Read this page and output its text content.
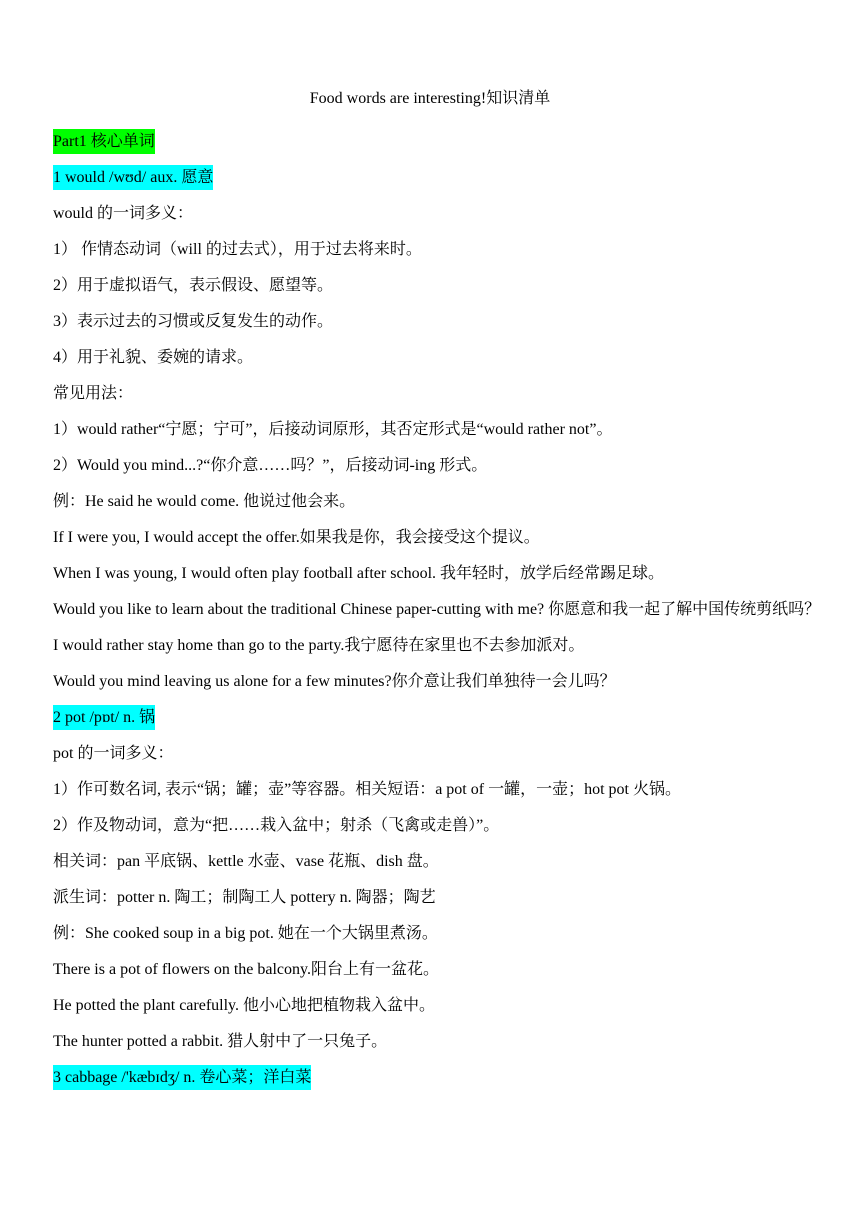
Food words are interesting!知识清单

Part1 核心单词

1 would /wʊd/ aux. 愿意

would 的一词多义：

1） 作情态动词（will 的过去式），用于过去将来时。

2）用于虚拟语气，表示假设、愿望等。

3）表示过去的习惯或反复发生的动作。

4）用于礼貌、委婉的请求。

常见用法：

1）would rather“宁愿；宁可”，后接动词原形，其否定形式是“would rather not”。

2）Would you mind...?“你介意……吗？”，后接动词-ing 形式。

例：He said he would come. 他说过他会来。

If I were you, I would accept the offer.如果我是你，我会接受这个提议。

When I was young, I would often play football after school. 我年轻时，放学后经常踢足球。

Would you like to learn about the traditional Chinese paper-cutting with me? 你愿意和我一起了解中国传统剪纸吗？

I would rather stay home than go to the party.我宁愿待在家里也不去参加派对。

Would you mind leaving us alone for a few minutes?你介意让我们单独待一会儿吗？

2 pot /pɒt/ n. 锅

pot 的一词多义：

1）作可数名词, 表示“锅；罐；壶”等容器。相关短语：a pot of 一罐，一壶；hot pot 火锅。

2）作及物动词，意为“把……栽入盆中；射杀（飞禽或走兽）”。

相关词：pan 平底锅、kettle 水壶、vase 花瓶、dish 盘。

派生词：potter n. 陶工；制陶工人 pottery n. 陶器；陶艺

例：She cooked soup in a big pot. 她在一个大锅里煮汤。

There is a pot of flowers on the balcony.阳台上有一盆花。

He potted the plant carefully. 他小心地把植物栽入盆中。

The hunter potted a rabbit. 猎人射中了一只兔子。

3 cabbage /'kæbɪdʒ/ n. 卷心菜；洋白菜
